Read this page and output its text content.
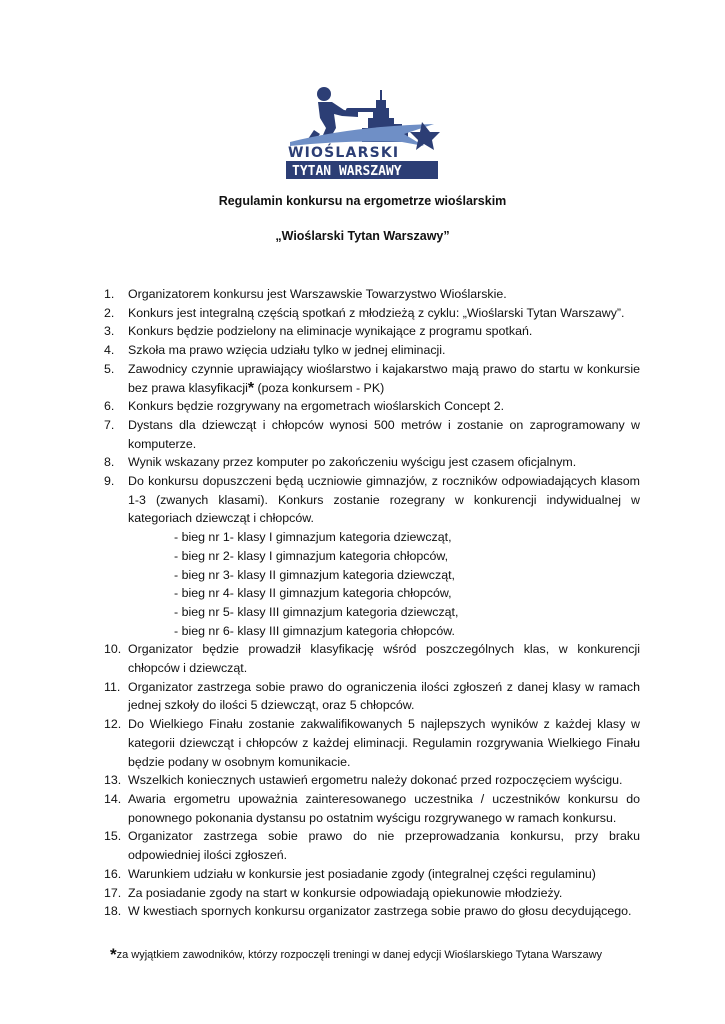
WIOŚLARSKI
TYTAN WARSZAWY
Regulamin konkursu na ergometrze wioślarskim
„Wioślarski Tytan Warszawy”
1. Organizatorem konkursu jest Warszawskie Towarzystwo Wioślarskie.
2. Konkurs jest integralną częścią spotkań z młodzieżą z cyklu: „Wioślarski Tytan Warszawy”.
3. Konkurs będzie podzielony na eliminacje wynikające z programu spotkań.
4. Szkoła ma prawo wzięcia udziału tylko w jednej eliminacji.
5. Zawodnicy czynnie uprawiający wioślarstwo i kajakarstwo mają prawo do startu w konkursie bez prawa klasyfikacji* (poza konkursem - PK)
6. Konkurs będzie rozgrywany na ergometrach wioślarskich Concept 2.
7. Dystans dla dziewcząt i chłopców wynosi 500 metrów i zostanie on zaprogramowany w komputerze.
8. Wynik wskazany przez komputer po zakończeniu wyścigu jest czasem oficjalnym.
9. Do konkursu dopuszczeni będą uczniowie gimnazjów, z roczników odpowiadających klasom 1-3 (zwanych klasami). Konkurs zostanie rozegrany w konkurencji indywidualnej w kategoriach dziewcząt i chłopców.
- bieg nr 1- klasy I gimnazjum kategoria dziewcząt,
- bieg nr 2- klasy I gimnazjum kategoria chłopców,
- bieg nr 3- klasy II gimnazjum kategoria dziewcząt,
- bieg nr 4- klasy II gimnazjum kategoria chłopców,
- bieg nr 5- klasy III gimnazjum kategoria dziewcząt,
- bieg nr 6- klasy III gimnazjum kategoria chłopców.
10. Organizator będzie prowadził klasyfikację wśród poszczególnych klas, w konkurencji chłopców i dziewcząt.
11. Organizator zastrzega sobie prawo do ograniczenia ilości zgłoszeń z danej klasy w ramach jednej szkoły do ilości 5 dziewcząt, oraz 5 chłopców.
12. Do Wielkiego Finału zostanie zakwalifikowanych 5 najlepszych wyników z każdej klasy w kategorii dziewcząt i chłopców z każdej eliminacji. Regulamin rozgrywania Wielkiego Finału będzie podany w osobnym komunikacie.
13. Wszelkich koniecznych ustawień ergometru należy dokonać przed rozpoczęciem wyścigu.
14. Awaria ergometru upoważnia zainteresowanego uczestnika / uczestników konkursu do ponownego pokonania dystansu po ostatnim wyścigu rozgrywanego w ramach konkursu.
15. Organizator zastrzega sobie prawo do nie przeprowadzania konkursu, przy braku odpowiedniej ilości zgłoszeń.
16. Warunkiem udziału w konkursie jest posiadanie zgody (integralnej części regulaminu)
17. Za posiadanie zgody na start w konkursie odpowiadają opiekunowie młodzieży.
18. W kwestiach spornych konkursu organizator zastrzega sobie prawo do głosu decydującego.
*za wyjątkiem zawodników, którzy rozpoczęli treningi w danej edycji Wioślarskiego Tytana Warszawy
